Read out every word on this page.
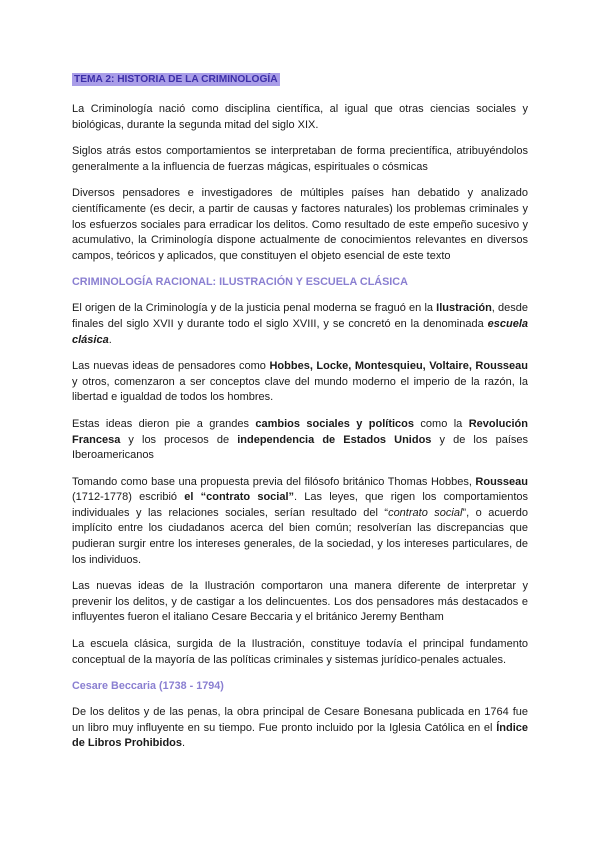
TEMA 2: HISTORIA DE LA CRIMINOLOGÍA

La Criminología nació como disciplina científica, al igual que otras ciencias sociales y biológicas, durante la segunda mitad del siglo XIX.

Siglos atrás estos comportamientos se interpretaban de forma precientífica, atribuyéndolos generalmente a la influencia de fuerzas mágicas, espirituales o cósmicas

Diversos pensadores e investigadores de múltiples países han debatido y analizado científicamente (es decir, a partir de causas y factores naturales) los problemas criminales y los esfuerzos sociales para erradicar los delitos. Como resultado de este empeño sucesivo y acumulativo, la Criminología dispone actualmente de conocimientos relevantes en diversos campos, teóricos y aplicados, que constituyen el objeto esencial de este texto

CRIMINOLOGÍA RACIONAL: ILUSTRACIÓN Y ESCUELA CLÁSICA

El origen de la Criminología y de la justicia penal moderna se fraguó en la Ilustración, desde finales del siglo XVII y durante todo el siglo XVIII, y se concretó en la denominada escuela clásica.

Las nuevas ideas de pensadores como Hobbes, Locke, Montesquieu, Voltaire, Rousseau y otros, comenzaron a ser conceptos clave del mundo moderno el imperio de la razón, la libertad e igualdad de todos los hombres.

Estas ideas dieron pie a grandes cambios sociales y políticos como la Revolución Francesa y los procesos de independencia de Estados Unidos y de los países Iberoamericanos

Tomando como base una propuesta previa del filósofo británico Thomas Hobbes, Rousseau (1712-1778) escribió el “contrato social”. Las leyes, que rigen los comportamientos individuales y las relaciones sociales, serían resultado del “contrato social”, o acuerdo implícito entre los ciudadanos acerca del bien común; resolverían las discrepancias que pudieran surgir entre los intereses generales, de la sociedad, y los intereses particulares, de los individuos.

Las nuevas ideas de la Ilustración comportaron una manera diferente de interpretar y prevenir los delitos, y de castigar a los delincuentes. Los dos pensadores más destacados e influyentes fueron el italiano Cesare Beccaria y el británico Jeremy Bentham

La escuela clásica, surgida de la Ilustración, constituye todavía el principal fundamento conceptual de la mayoría de las políticas criminales y sistemas jurídico-penales actuales.

Cesare Beccaria (1738 - 1794)

De los delitos y de las penas, la obra principal de Cesare Bonesana publicada en 1764 fue un libro muy influyente en su tiempo. Fue pronto incluido por la Iglesia Católica en el Índice de Libros Prohibidos.
